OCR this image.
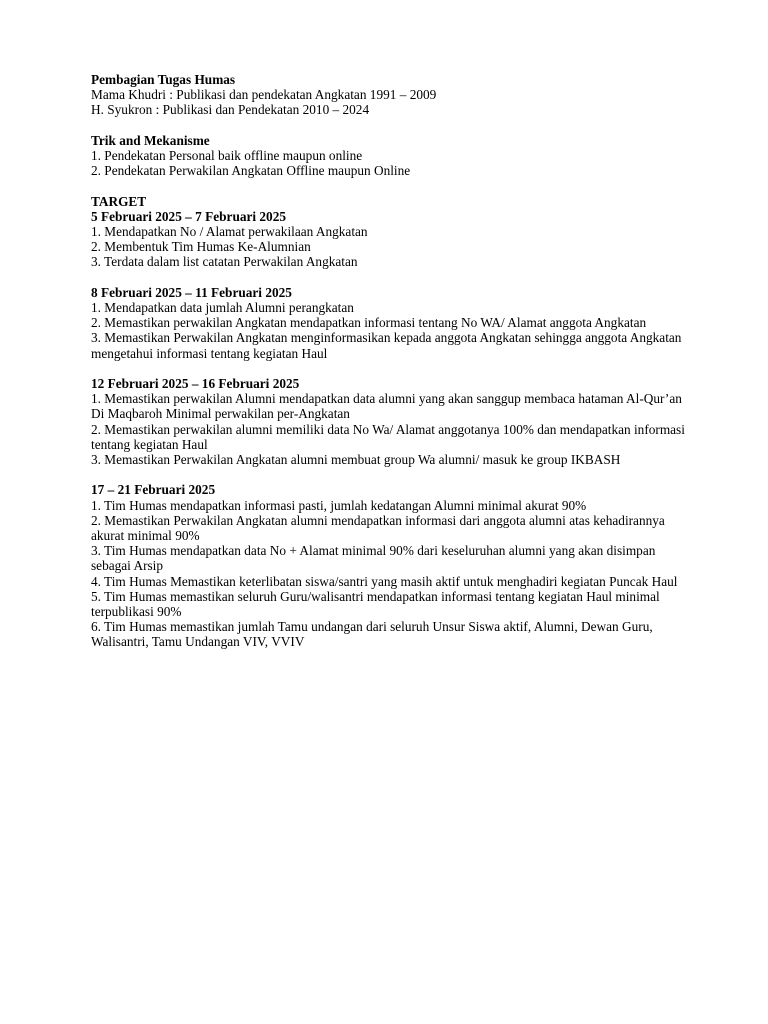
Pembagian Tugas Humas

Mama Khudri : Publikasi dan pendekatan Angkatan 1991 – 2009

H. Syukron : Publikasi dan Pendekatan 2010 – 2024

Trik and Mekanisme

1. Pendekatan Personal baik offline maupun online

2. Pendekatan Perwakilan Angkatan Offline maupun Online

TARGET

5 Februari 2025 – 7 Februari 2025

1. Mendapatkan No / Alamat perwakilaan Angkatan

2. Membentuk Tim Humas Ke-Alumnian

3. Terdata dalam list catatan Perwakilan Angkatan

8 Februari 2025 – 11 Februari 2025

1. Mendapatkan data jumlah Alumni perangkatan

2. Memastikan perwakilan Angkatan mendapatkan informasi tentang No WA/ Alamat anggota Angkatan

3. Memastikan Perwakilan Angkatan menginformasikan kepada anggota Angkatan sehingga anggota Angkatan mengetahui informasi tentang kegiatan Haul

12 Februari 2025 – 16 Februari 2025

1. Memastikan perwakilan Alumni mendapatkan data alumni yang akan sanggup membaca hataman Al-Qur’an Di Maqbaroh Minimal perwakilan per-Angkatan

2. Memastikan perwakilan alumni memiliki data No Wa/ Alamat anggotanya 100% dan mendapatkan informasi tentang kegiatan Haul

3. Memastikan Perwakilan Angkatan alumni membuat group Wa alumni/ masuk ke group IKBASH

17 – 21 Februari 2025

1. Tim Humas mendapatkan informasi pasti, jumlah kedatangan Alumni minimal akurat 90%

2. Memastikan Perwakilan Angkatan alumni mendapatkan informasi dari anggota alumni atas kehadirannya akurat minimal 90%

3. Tim Humas mendapatkan data No + Alamat minimal 90% dari keseluruhan alumni yang akan disimpan sebagai Arsip

4. Tim Humas Memastikan keterlibatan siswa/santri yang masih aktif untuk menghadiri kegiatan Puncak Haul

5. Tim Humas memastikan seluruh Guru/walisantri mendapatkan informasi tentang kegiatan Haul minimal terpublikasi 90%

6. Tim Humas memastikan jumlah Tamu undangan dari seluruh Unsur Siswa aktif, Alumni, Dewan Guru, Walisantri, Tamu Undangan VIV, VVIV
